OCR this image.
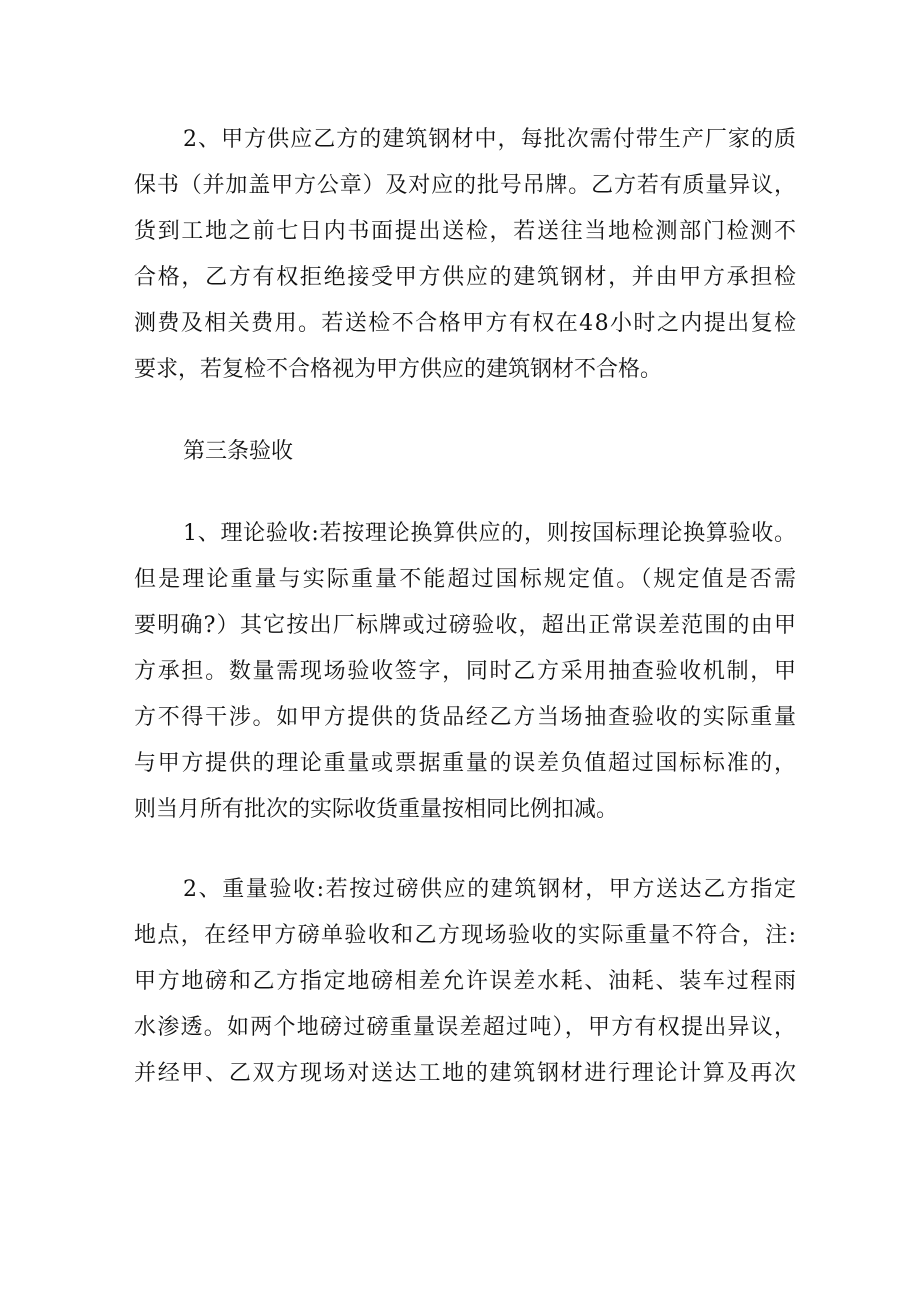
2、甲方供应乙方的建筑钢材中，每批次需付带生产厂家的质
保书（并加盖甲方公章）及对应的批号吊牌。乙方若有质量异议，
货到工地之前七日内书面提出送检，若送往当地检测部门检测不
合格，乙方有权拒绝接受甲方供应的建筑钢材，并由甲方承担检
测费及相关费用。若送检不合格甲方有权在48小时之内提出复检
要求，若复检不合格视为甲方供应的建筑钢材不合格。
第三条验收
1、理论验收:若按理论换算供应的，则按国标理论换算验收。
但是理论重量与实际重量不能超过国标规定值。（规定值是否需
要明确?）其它按出厂标牌或过磅验收，超出正常误差范围的由甲
方承担。数量需现场验收签字，同时乙方采用抽查验收机制，甲
方不得干涉。如甲方提供的货品经乙方当场抽查验收的实际重量
与甲方提供的理论重量或票据重量的误差负值超过国标标准的，
则当月所有批次的实际收货重量按相同比例扣减。
2、重量验收:若按过磅供应的建筑钢材，甲方送达乙方指定
地点，在经甲方磅单验收和乙方现场验收的实际重量不符合，注:
甲方地磅和乙方指定地磅相差允许误差水耗、油耗、装车过程雨
水渗透。如两个地磅过磅重量误差超过吨），甲方有权提出异议，
并经甲、乙双方现场对送达工地的建筑钢材进行理论计算及再次
